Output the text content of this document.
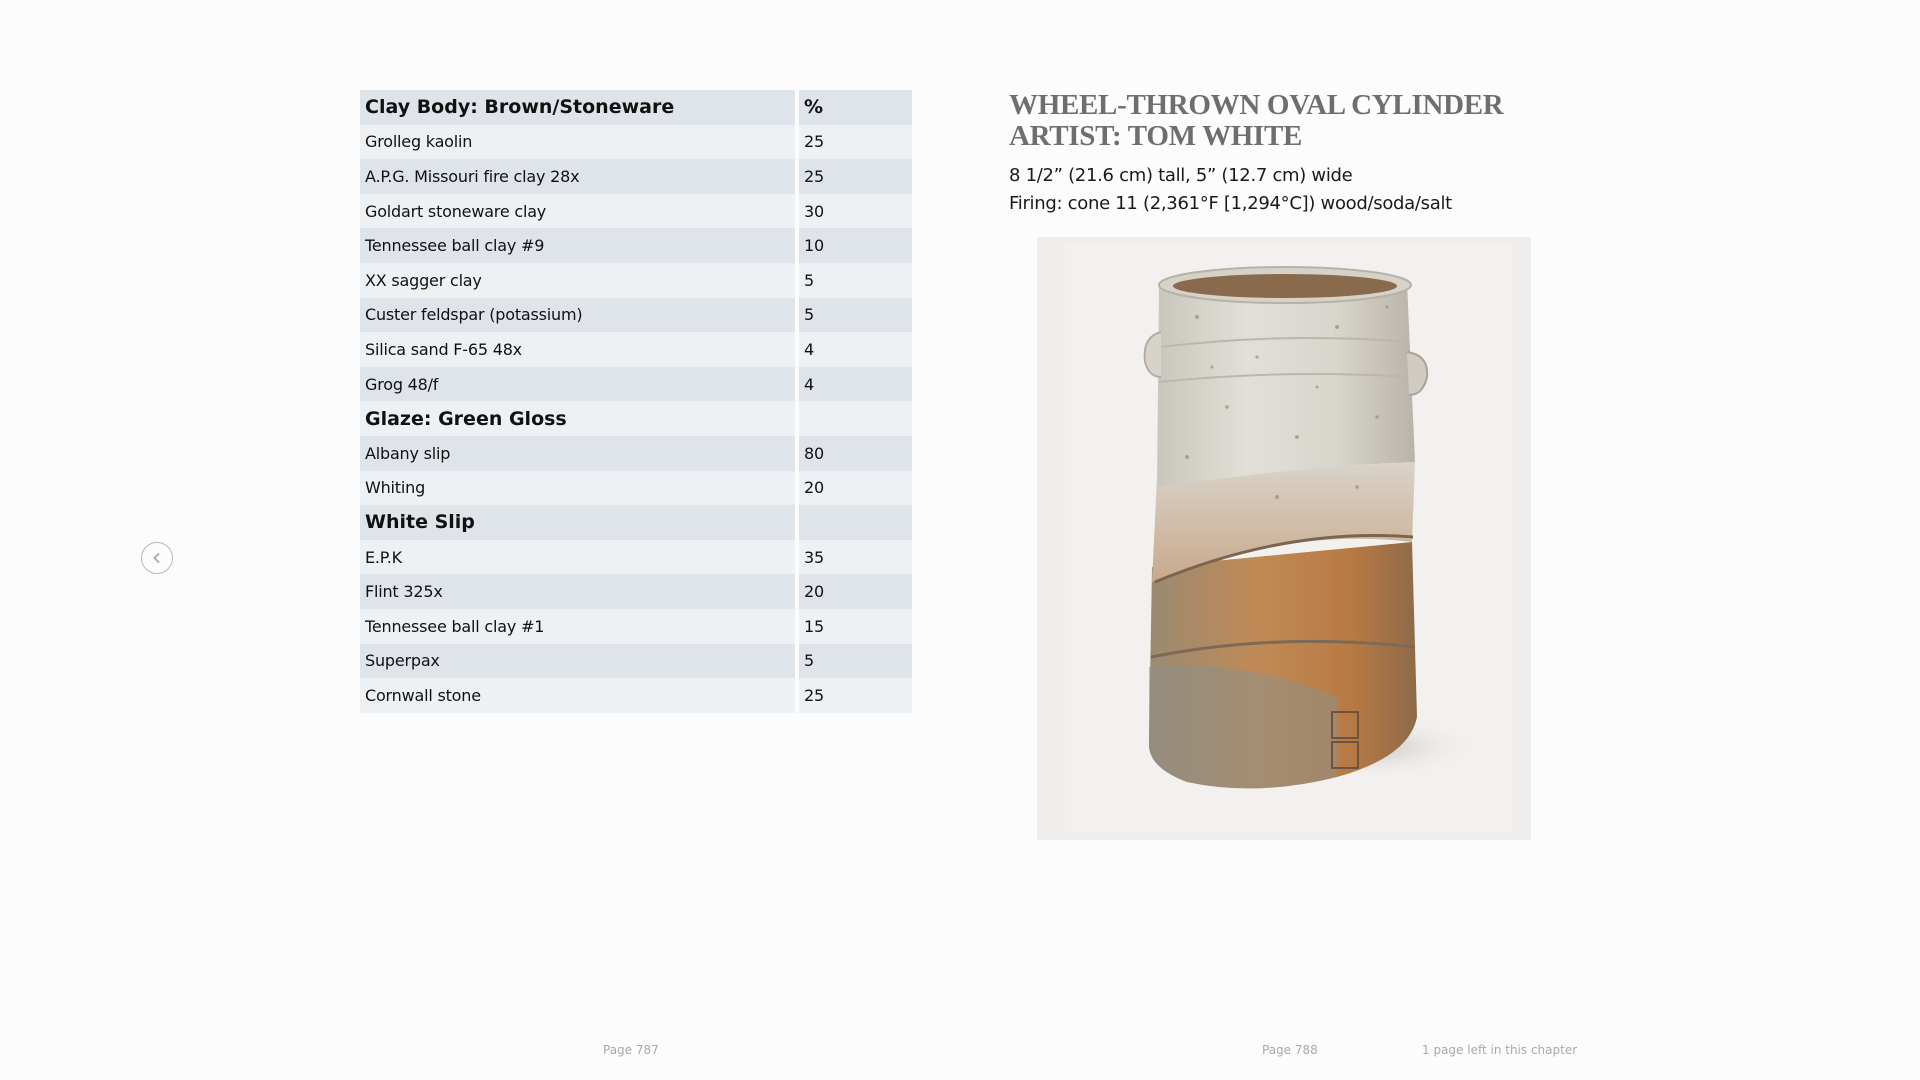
Clay Body: Brown/Stoneware	%
Grolleg kaolin	25
A.P.G. Missouri fire clay 28x	25
Goldart stoneware clay	30
Tennessee ball clay #9	10
XX sagger clay	5
Custer feldspar (potassium)	5
Silica sand F-65 48x	4
Grog 48/f	4
Glaze: Green Gloss	
Albany slip	80
Whiting	20
White Slip	
E.P.K	35
Flint 325x	20
Tennessee ball clay #1	15
Superpax	5
Cornwall stone	25
WHEEL-THROWN OVAL CYLINDER
ARTIST: TOM WHITE
8 1/2” (21.6 cm) tall, 5” (12.7 cm) wide
Firing: cone 11 (2,361°F [1,294°C]) wood/soda/salt
Page 787	Page 788	1 page left in this chapter
